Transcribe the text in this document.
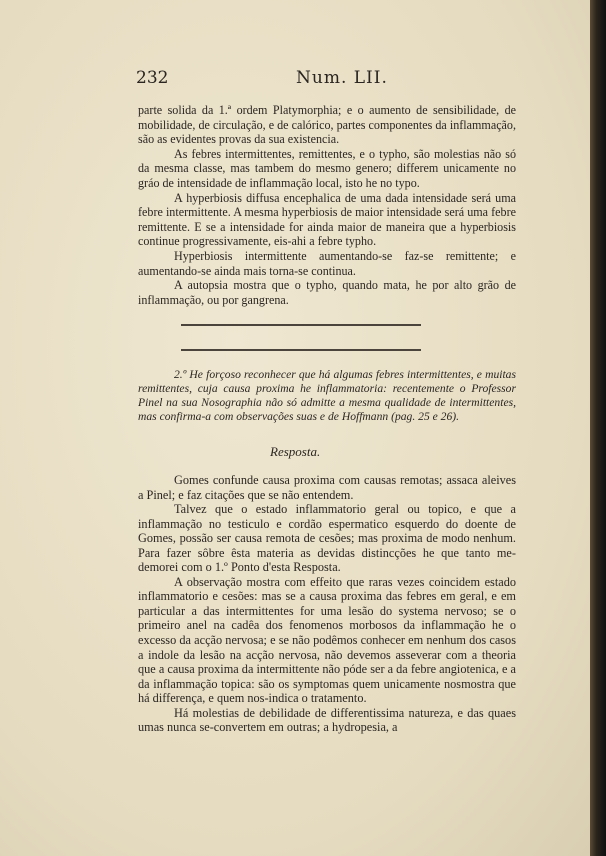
232	Num. LII.

parte solida da 1.ª ordem Platymorphia; e o aumento de sensibilidade, de mobilidade, de circulação, e de calórico, partes componentes da inflammação, são as evidentes provas da sua existencia.

As febres intermittentes, remittentes, e o typho, são molestias não só da mesma classe, mas tambem do mesmo genero; differem unicamente no gráo de intensidade de inflammação local, isto he no typo.

A hyperbiosis diffusa encephalica de uma dada intensidade será uma febre intermittente. A mesma hyperbiosis de maior intensidade será uma febre remittente. E se a intensidade for ainda maior de maneira que a hyperbiosis continue progressivamente, eis-ahi a febre typho.

Hyperbiosis intermittente aumentando-se faz-se remittente; e aumentando-se ainda mais torna-se continua.

A autopsia mostra que o typho, quando mata, he por alto grão de inflammação, ou por gangrena.

2.º He forçoso reconhecer que há algumas febres intermittentes, e muitas remittentes, cuja causa proxima he inflammatoria: recentemente o Professor Pinel na sua Nosographia não só admitte a mesma qualidade de intermittentes, mas confirma-a com observações suas e de Hoffmann (pag. 25 e 26).

Resposta.

Gomes confunde causa proxima com causas remotas; assaca aleives a Pinel; e faz citações que se não entendem.

Talvez que o estado inflammatorio geral ou topico, e que a inflammação no testiculo e cordão espermatico esquerdo do doente de Gomes, possão ser causa remota de cesões; mas proxima de modo nenhum. Para fazer sôbre êsta materia as devidas distincções he que tanto me-demorei com o 1.º Ponto d'esta Resposta.

A observação mostra com effeito que raras vezes coincidem estado inflammatorio e cesões: mas se a causa proxima das febres em geral, e em particular a das intermittentes for uma lesão do systema nervoso; se o primeiro anel na cadêa dos fenomenos morbosos da inflammação he o excesso da acção nervosa; e se não podêmos conhecer em nenhum dos casos a indole da lesão na acção nervosa, não devemos asseverar com a theoria que a causa proxima da intermittente não póde ser a da febre angiotenica, e a da inflammação topica: são os symptomas quem unicamente nosmostra que há differença, e quem nos-indica o tratamento.

Há molestias de debilidade de differentissima natureza, e das quaes umas nunca se-convertem em outras; a hydropesia, a
